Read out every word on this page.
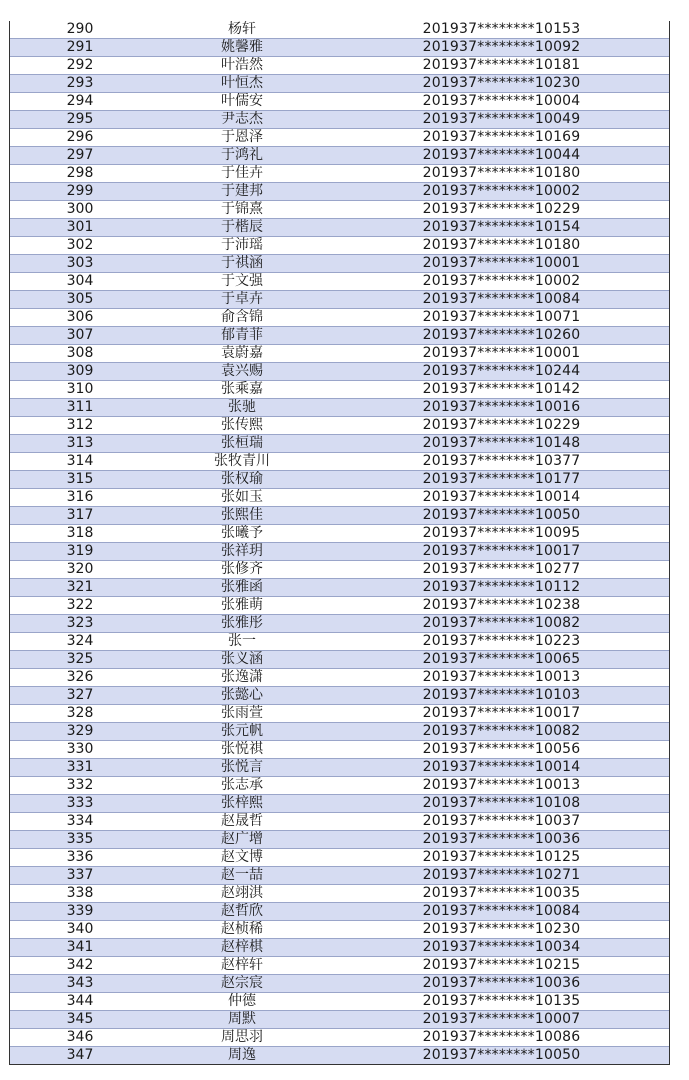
290	杨轩	201937********10153
291	姚馨雅	201937********10092
292	叶浩然	201937********10181
293	叶恒杰	201937********10230
294	叶儒安	201937********10004
295	尹志杰	201937********10049
296	于恩泽	201937********10169
297	于鸿礼	201937********10044
298	于佳卉	201937********10180
299	于建邦	201937********10002
300	于锦熹	201937********10229
301	于楷辰	201937********10154
302	于沛瑶	201937********10180
303	于祺涵	201937********10001
304	于文强	201937********10002
305	于卓卉	201937********10084
306	俞含锦	201937********10071
307	郁青菲	201937********10260
308	袁蔚嘉	201937********10001
309	袁兴赐	201937********10244
310	张乘嘉	201937********10142
311	张驰	201937********10016
312	张传熙	201937********10229
313	张桓瑞	201937********10148
314	张牧青川	201937********10377
315	张权瑜	201937********10177
316	张如玉	201937********10014
317	张熙佳	201937********10050
318	张曦予	201937********10095
319	张祥玥	201937********10017
320	张修齐	201937********10277
321	张雅函	201937********10112
322	张雅萌	201937********10238
323	张雅彤	201937********10082
324	张一	201937********10223
325	张义涵	201937********10065
326	张逸潇	201937********10013
327	张懿心	201937********10103
328	张雨萱	201937********10017
329	张元帆	201937********10082
330	张悦祺	201937********10056
331	张悦言	201937********10014
332	张志承	201937********10013
333	张梓熙	201937********10108
334	赵晟哲	201937********10037
335	赵广增	201937********10036
336	赵文博	201937********10125
337	赵一喆	201937********10271
338	赵翊淇	201937********10035
339	赵哲欣	201937********10084
340	赵桢稀	201937********10230
341	赵梓棋	201937********10034
342	赵梓轩	201937********10215
343	赵宗宸	201937********10036
344	仲德	201937********10135
345	周默	201937********10007
346	周思羽	201937********10086
347	周逸	201937********10050
